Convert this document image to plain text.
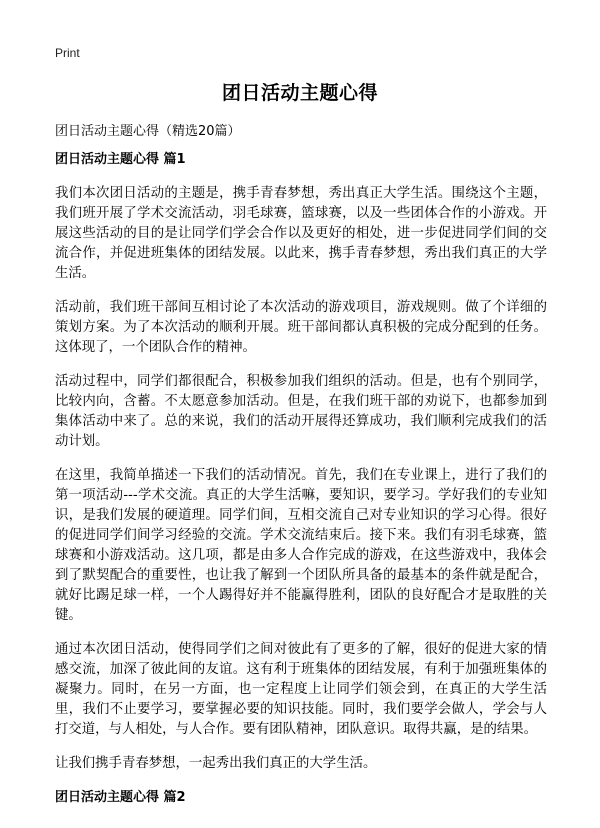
Print
团日活动主题心得
团日活动主题心得（精选20篇）
团日活动主题心得 篇1

我们本次团日活动的主题是，携手青春梦想，秀出真正大学生活。围绕这个主题，我们班开展了学术交流活动，羽毛球赛，篮球赛，以及一些团体合作的小游戏。开展这些活动的目的是让同学们学会合作以及更好的相处，进一步促进同学们间的交流合作，并促进班集体的团结发展。以此来，携手青春梦想，秀出我们真正的大学生活。

活动前，我们班干部间互相讨论了本次活动的游戏项目，游戏规则。做了个详细的策划方案。为了本次活动的顺利开展。班干部间都认真积极的完成分配到的任务。这体现了，一个团队合作的精神。

活动过程中，同学们都很配合，积极参加我们组织的活动。但是，也有个别同学，比较内向，含蓄。不太愿意参加活动。但是，在我们班干部的劝说下，也都参加到集体活动中来了。总的来说，我们的活动开展得还算成功，我们顺利完成我们的活动计划。

在这里，我简单描述一下我们的活动情况。首先，我们在专业课上，进行了我们的第一项活动---学术交流。真正的大学生活嘛，要知识，要学习。学好我们的专业知识，是我们发展的硬道理。同学们间，互相交流自己对专业知识的学习心得。很好的促进同学们间学习经验的交流。学术交流结束后。接下来。我们有羽毛球赛，篮球赛和小游戏活动。这几项，都是由多人合作完成的游戏，在这些游戏中，我体会到了默契配合的重要性，也让我了解到一个团队所具备的最基本的条件就是配合，就好比踢足球一样，一个人踢得好并不能赢得胜利，团队的良好配合才是取胜的关键。

通过本次团日活动，使得同学们之间对彼此有了更多的了解，很好的促进大家的情感交流，加深了彼此间的友谊。这有利于班集体的团结发展，有利于加强班集体的凝聚力。同时，在另一方面，也一定程度上让同学们领会到，在真正的大学生活里，我们不止要学习，要掌握必要的知识技能。同时，我们要学会做人，学会与人打交道，与人相处，与人合作。要有团队精神，团队意识。取得共赢，是的结果。

让我们携手青春梦想，一起秀出我们真正的大学生活。

团日活动主题心得 篇2
